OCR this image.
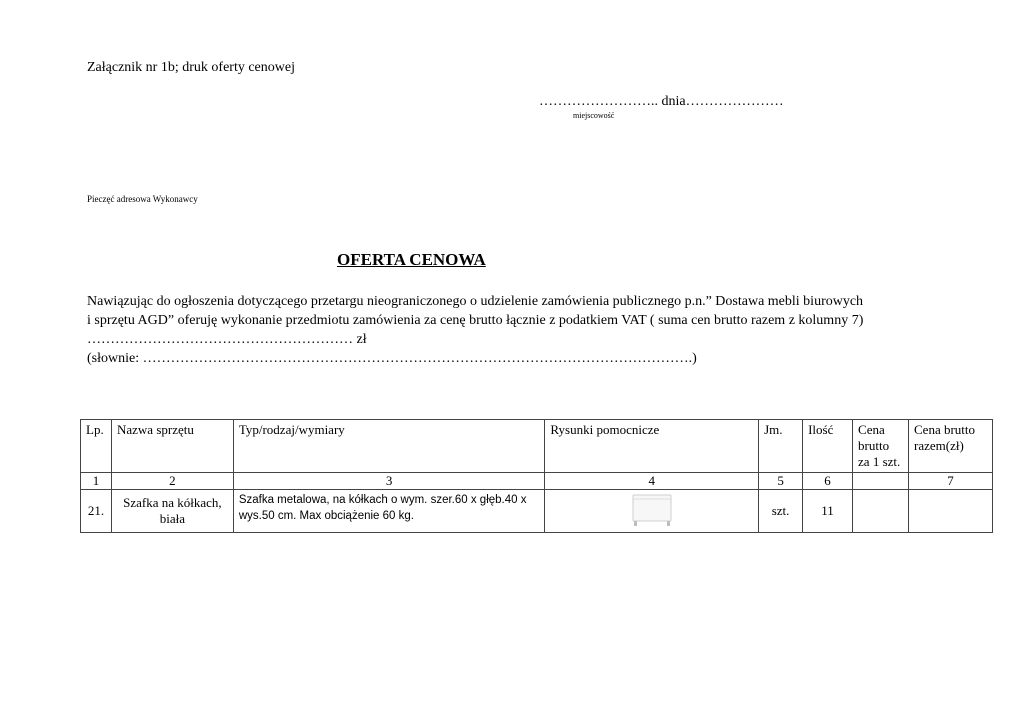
Załącznik nr 1b; druk oferty cenowej
…………………….. dnia…………………
miejscowość
Pieczęć adresowa Wykonawcy
OFERTA CENOWA
Nawiązując do ogłoszenia dotyczącego przetargu nieograniczonego o udzielenie zamówienia publicznego p.n.” Dostawa mebli biurowych
i sprzętu AGD” oferuję wykonanie przedmiotu zamówienia za cenę brutto łącznie z podatkiem VAT ( suma cen brutto razem z kolumny 7)
………………………………………………… zł
(słownie: ……………………………………………………………………………………………………….)
Lp.	Nazwa sprzętu	Typ/rodzaj/wymiary	Rysunki pomocnicze	Jm.	Ilość	Cena brutto za 1 szt.	Cena brutto razem(zł)
1	2	3	4	5	6		7
21.	Szafka na kółkach, biała	Szafka metalowa, na kółkach o wym. szer.60 x głęb.40 x wys.50 cm. Max obciążenie 60 kg.		szt.	11		
